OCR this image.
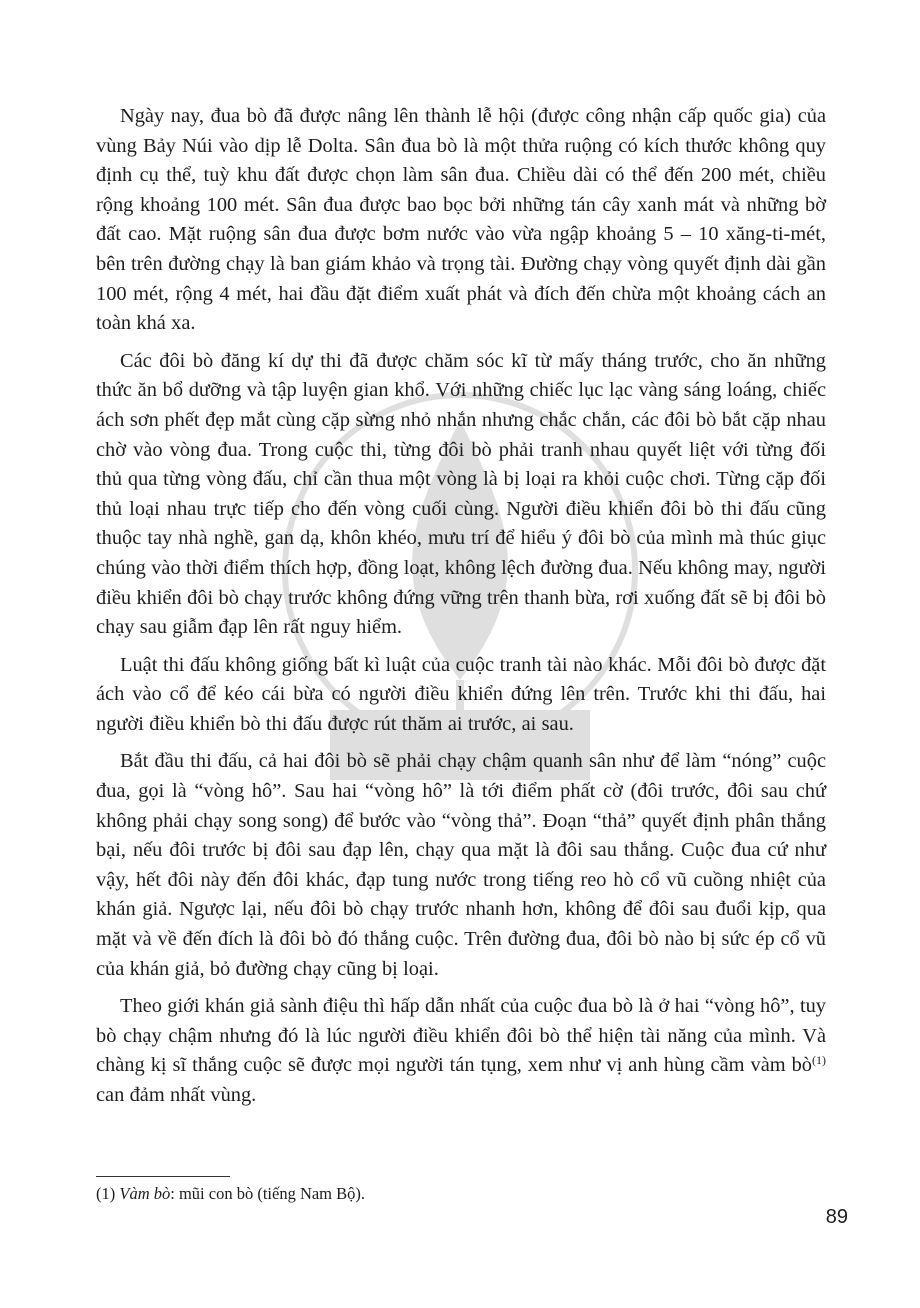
Ngày nay, đua bò đã được nâng lên thành lễ hội (được công nhận cấp quốc gia) của vùng Bảy Núi vào dịp lễ Dolta. Sân đua bò là một thửa ruộng có kích thước không quy định cụ thể, tuỳ khu đất được chọn làm sân đua. Chiều dài có thể đến 200 mét, chiều rộng khoảng 100 mét. Sân đua được bao bọc bởi những tán cây xanh mát và những bờ đất cao. Mặt ruộng sân đua được bơm nước vào vừa ngập khoảng 5 – 10 xăng-ti-mét, bên trên đường chạy là ban giám khảo và trọng tài. Đường chạy vòng quyết định dài gần 100 mét, rộng 4 mét, hai đầu đặt điểm xuất phát và đích đến chừa một khoảng cách an toàn khá xa.

Các đôi bò đăng kí dự thi đã được chăm sóc kĩ từ mấy tháng trước, cho ăn những thức ăn bổ dưỡng và tập luyện gian khổ. Với những chiếc lục lạc vàng sáng loáng, chiếc ách sơn phết đẹp mắt cùng cặp sừng nhỏ nhắn nhưng chắc chắn, các đôi bò bắt cặp nhau chờ vào vòng đua. Trong cuộc thi, từng đôi bò phải tranh nhau quyết liệt với từng đối thủ qua từng vòng đấu, chỉ cần thua một vòng là bị loại ra khỏi cuộc chơi. Từng cặp đối thủ loại nhau trực tiếp cho đến vòng cuối cùng. Người điều khiển đôi bò thi đấu cũng thuộc tay nhà nghề, gan dạ, khôn khéo, mưu trí để hiểu ý đôi bò của mình mà thúc giục chúng vào thời điểm thích hợp, đồng loạt, không lệch đường đua. Nếu không may, người điều khiển đôi bò chạy trước không đứng vững trên thanh bừa, rơi xuống đất sẽ bị đôi bò chạy sau giẫm đạp lên rất nguy hiểm.

Luật thi đấu không giống bất kì luật của cuộc tranh tài nào khác. Mỗi đôi bò được đặt ách vào cổ để kéo cái bừa có người điều khiển đứng lên trên. Trước khi thi đấu, hai người điều khiển bò thi đấu được rút thăm ai trước, ai sau.

Bắt đầu thi đấu, cả hai đôi bò sẽ phải chạy chậm quanh sân như để làm “nóng” cuộc đua, gọi là “vòng hô”. Sau hai “vòng hô” là tới điểm phất cờ (đôi trước, đôi sau chứ không phải chạy song song) để bước vào “vòng thả”. Đoạn “thả” quyết định phân thắng bại, nếu đôi trước bị đôi sau đạp lên, chạy qua mặt là đôi sau thắng. Cuộc đua cứ như vậy, hết đôi này đến đôi khác, đạp tung nước trong tiếng reo hò cổ vũ cuồng nhiệt của khán giả. Ngược lại, nếu đôi bò chạy trước nhanh hơn, không để đôi sau đuổi kịp, qua mặt và về đến đích là đôi bò đó thắng cuộc. Trên đường đua, đôi bò nào bị sức ép cổ vũ của khán giả, bỏ đường chạy cũng bị loại.

Theo giới khán giả sành điệu thì hấp dẫn nhất của cuộc đua bò là ở hai “vòng hô”, tuy bò chạy chậm nhưng đó là lúc người điều khiển đôi bò thể hiện tài năng của mình. Và chàng kị sĩ thắng cuộc sẽ được mọi người tán tụng, xem như vị anh hùng cầm vàm $bò^{(1)}$ can đảm nhất vùng.

(1) Vàm bò: mũi con bò (tiếng Nam Bộ).

89
